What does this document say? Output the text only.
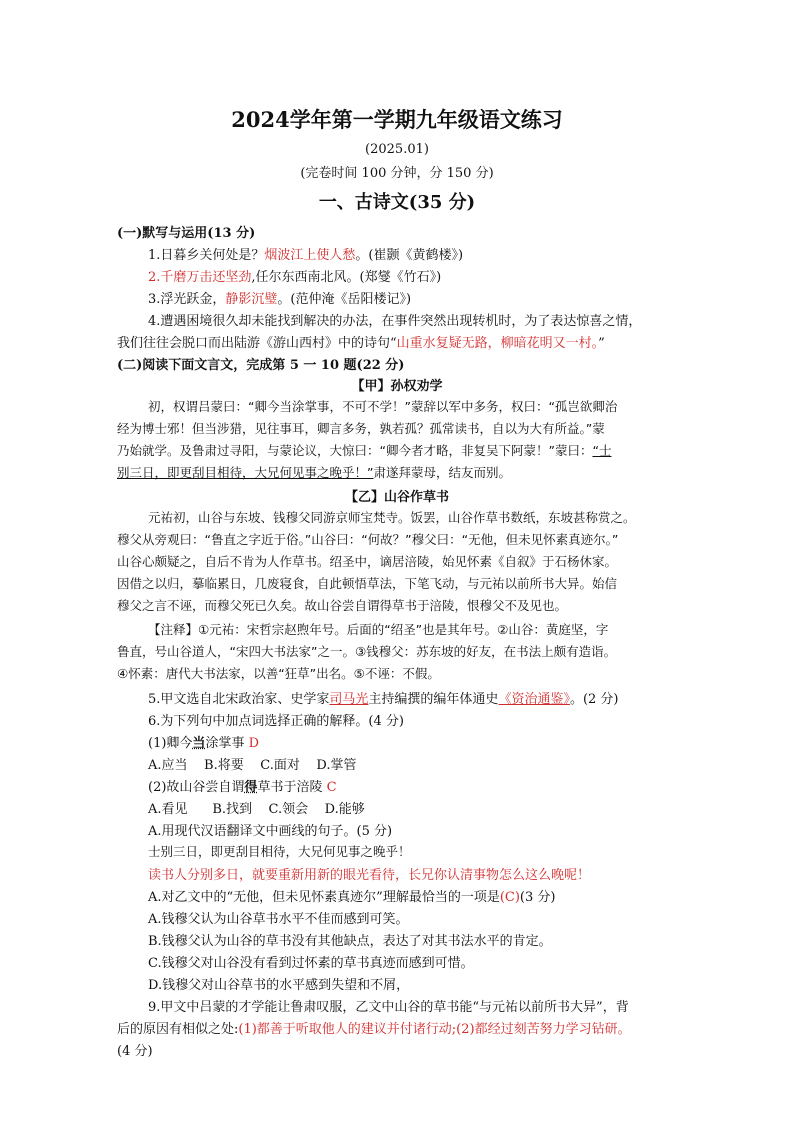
2024学年第一学期九年级语文练习
(2025.01)
(完卷时间 100 分钟，分 150 分)
一、古诗文(35 分)
(一)默写与运用(13 分)
1.日暮乡关何处是？烟波江上使人愁。(崔颢《黄鹤楼》)
2.千磨万击还坚劲,任尔东西南北风。(郑燮《竹石》)
3.浮光跃金，静影沉璧。(范仲淹《岳阳楼记》)
4.遭遇困境很久却未能找到解决的办法，在事件突然出现转机时，为了表达惊喜之情，
我们往往会脱口而出陆游《游山西村》中的诗句“山重水复疑无路，柳暗花明又一村。”
(二)阅读下面文言文，完成第 5 一 10 题(22 分)
【甲】孙权劝学
初，权谓吕蒙曰：“卿今当涂掌事，不可不学！”蒙辞以军中多务，权曰：“孤岂欲卿治
经为博士邪！但当涉猎，见往事耳，卿言多务，孰若孤？孤常读书，自以为大有所益。”蒙
乃始就学。及鲁肃过寻阳，与蒙论议，大惊曰：“卿今者才略，非复吴下阿蒙！”蒙曰：“士
别三日，即更刮目相待，大兄何见事之晚乎！”肃遂拜蒙母，结友而别。
【乙】山谷作草书
元祐初，山谷与东坡、钱穆父同游京师宝梵寺。饭罢，山谷作草书数纸，东坡甚称赏之。
穆父从旁观曰：“鲁直之字近于俗。”山谷曰：“何故？”穆父曰：“无他，但未见怀素真迹尔。”
山谷心颇疑之，自后不肯为人作草书。绍圣中，谪居涪陵，始见怀素《自叙》于石杨休家。
因借之以归，摹临累日，几废寝食，自此顿悟草法，下笔飞动，与元祐以前所书大异。始信
穆父之言不诬，而穆父死已久矣。故山谷尝自谓得草书于涪陵，恨穆父不及见也。
【注释】①元祐：宋哲宗赵煦年号。后面的“绍圣”也是其年号。②山谷：黄庭坚，字
鲁直，号山谷道人，“宋四大书法家”之一。③钱穆父：苏东坡的好友，在书法上颇有造诣。
④怀素：唐代大书法家，以善“狂草”出名。⑤不诬：不假。
5.甲文选自北宋政治家、史学家司马光主持编撰的编年体通史《资治通鉴》。(2 分)
6.为下列句中加点词选择正确的解释。(4 分)
(1)卿今当涂掌事 D
A.应当    B.将要    C.面对    D.掌管
(2)故山谷尝自谓得草书于涪陵 C
A.看见      B.找到    C.领会    D.能够
A.用现代汉语翻译文中画线的句子。(5 分)
士别三日，即更刮目相待，大兄何见事之晚乎！
读书人分别多日，就要重新用新的眼光看待，长兄你认清事物怎么这么晚呢！
A.对乙文中的“无他，但未见怀素真迹尔”理解最恰当的一项是(C)(3 分)
A.钱穆父认为山谷草书水平不佳而感到可笑。
B.钱穆父认为山谷的草书没有其他缺点，表达了对其书法水平的肯定。
C.钱穆父对山谷没有看到过怀素的草书真迹而感到可惜。
D.钱穆父对山谷草书的水平感到失望和不屑，
9.甲文中吕蒙的才学能让鲁肃叹服，乙文中山谷的草书能“与元祐以前所书大异”，背
后的原因有相似之处:(1)都善于听取他人的建议并付诸行动;(2)都经过刻苦努力学习钻研。
(4 分)
